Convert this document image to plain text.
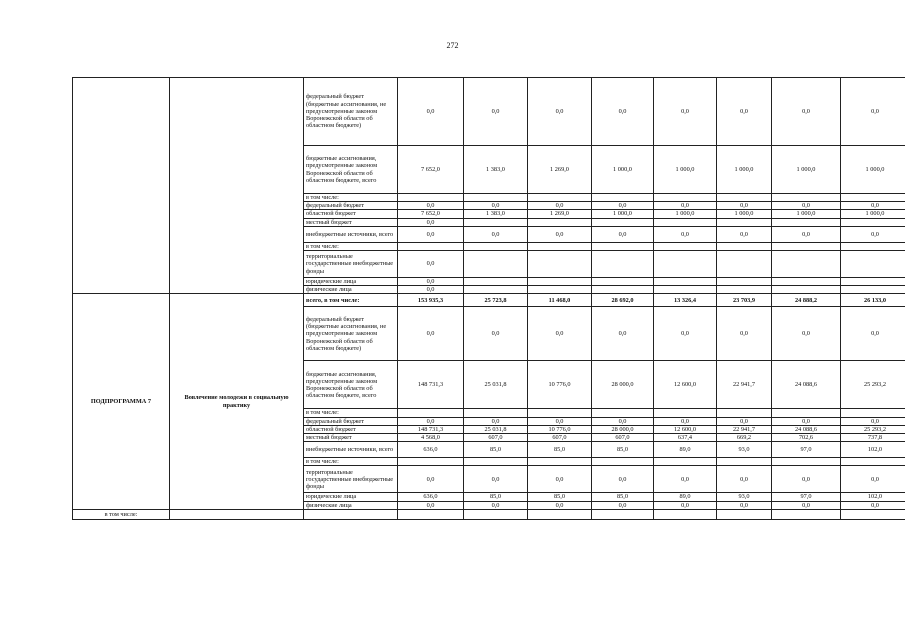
272
		федеральный бюджет (бюджетные ассигнования, не предусмотренные законом Воронежской области об областном бюджете)	0,0	0,0	0,0	0,0	0,0	0,0	0,0	0,0
		бюджетные ассигнования, предусмотренные законом Воронежской области об областном бюджете, всего	7 652,0	1 383,0	1 269,0	1 000,0	1 000,0	1 000,0	1 000,0	1 000,0
		в том числе:								
		федеральный бюджет	0,0	0,0	0,0	0,0	0,0	0,0	0,0	0,0
		областной бюджет	7 652,0	1 383,0	1 269,0	1 000,0	1 000,0	1 000,0	1 000,0	1 000,0
		местный бюджет	0,0							
		внебюджетные источники, всего	0,0	0,0	0,0	0,0	0,0	0,0	0,0	0,0
		в том числе:								
		территориальные государственные внебюджетные фонды	0,0							
		юридические лица	0,0							
		физические лица	0,0							
ПОДПРОГРАММА 7	Вовлечение молодежи в социальную практику	всего, в том числе:	153 935,3	25 723,8	11 468,0	28 692,0	13 326,4	23 703,9	24 888,2	26 133,0
		федеральный бюджет (бюджетные ассигнования, не предусмотренные законом Воронежской области об областном бюджете)	0,0	0,0	0,0	0,0	0,0	0,0	0,0	0,0
		бюджетные ассигнования, предусмотренные законом Воронежской области об областном бюджете, всего	148 731,3	25 031,8	10 776,0	28 000,0	12 600,0	22 941,7	24 088,6	25 293,2
		в том числе:								
		федеральный бюджет	0,0	0,0	0,0	0,0	0,0	0,0	0,0	0,0
		областной бюджет	148 731,3	25 031,8	10 776,0	28 000,0	12 600,0	22 941,7	24 088,6	25 293,2
		местный бюджет	4 568,0	607,0	607,0	607,0	637,4	669,2	702,6	737,8
		внебюджетные источники, всего	636,0	85,0	85,0	85,0	89,0	93,0	97,0	102,0
		в том числе:								
		территориальные государственные внебюджетные фонды	0,0	0,0	0,0	0,0	0,0	0,0	0,0	0,0
		юридические лица	636,0	85,0	85,0	85,0	89,0	93,0	97,0	102,0
		физические лица	0,0	0,0	0,0	0,0	0,0	0,0	0,0	0,0
в том числе:										
